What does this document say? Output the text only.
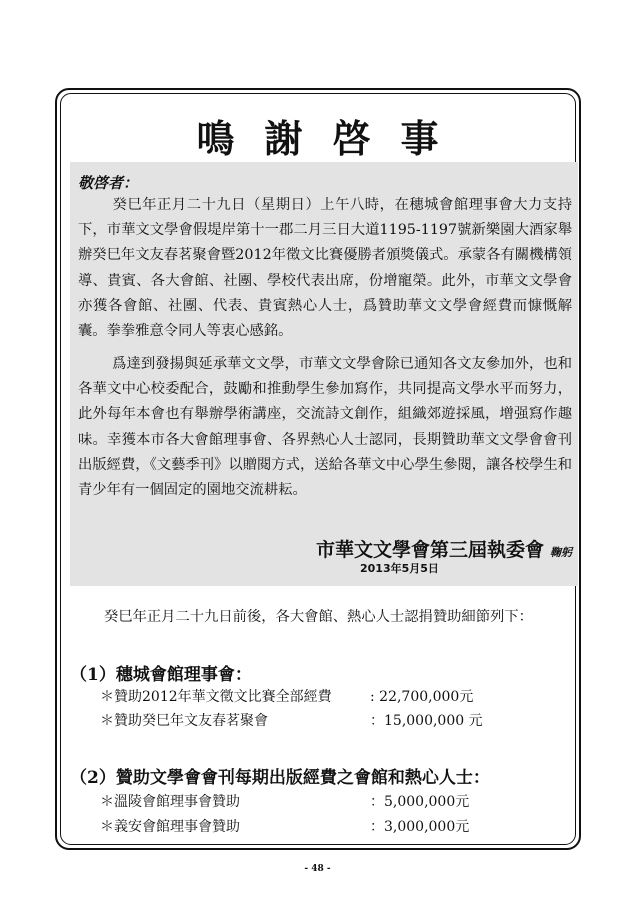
鳴謝啓事
敬啓者：

癸巳年正月二十九日（星期日）上午八時，在穗城會館理事會大力支持下，市華文文學會假堤岸第十一郡二月三日大道1195-1197號新樂園大酒家舉辦癸巳年文友春茗聚會暨2012年徵文比賽優勝者頒獎儀式。承蒙各有關機構領導、貴賓、各大會館、社團、學校代表出席，份增寵榮。此外，市華文文學會亦獲各會館、社團、代表、貴賓熱心人士，爲贊助華文文學會經費而慷慨解囊。拳拳雅意令同人等衷心感銘。

爲達到發揚與延承華文文學，市華文文學會除已通知各文友參加外，也和各華文中心校委配合，鼓勵和推動學生參加寫作，共同提高文學水平而努力，此外每年本會也有舉辦學術講座，交流詩文創作，組織郊遊採風，增强寫作趣味。幸獲本市各大會館理事會、各界熱心人士認同，長期贊助華文文學會會刊出版經費，《文藝季刊》以贈閱方式，送給各華文中心學生參閱，讓各校學生和青少年有一個固定的園地交流耕耘。

市華文文學會第三屆執委會 鞠躬
2013年5月5日

癸巳年正月二十九日前後，各大會館、熱心人士認捐贊助細節列下：

（1）穗城會館理事會：

＊贊助2012年華文徵文比賽全部經費	: 22,700,000元

＊贊助癸巳年文友春茗聚會	：15,000,000 元

（2）贊助文學會會刊每期出版經費之會館和熱心人士：

＊溫陵會館理事會贊助	：5,000,000元

＊義安會館理事會贊助	：3,000,000元

- 48 -
